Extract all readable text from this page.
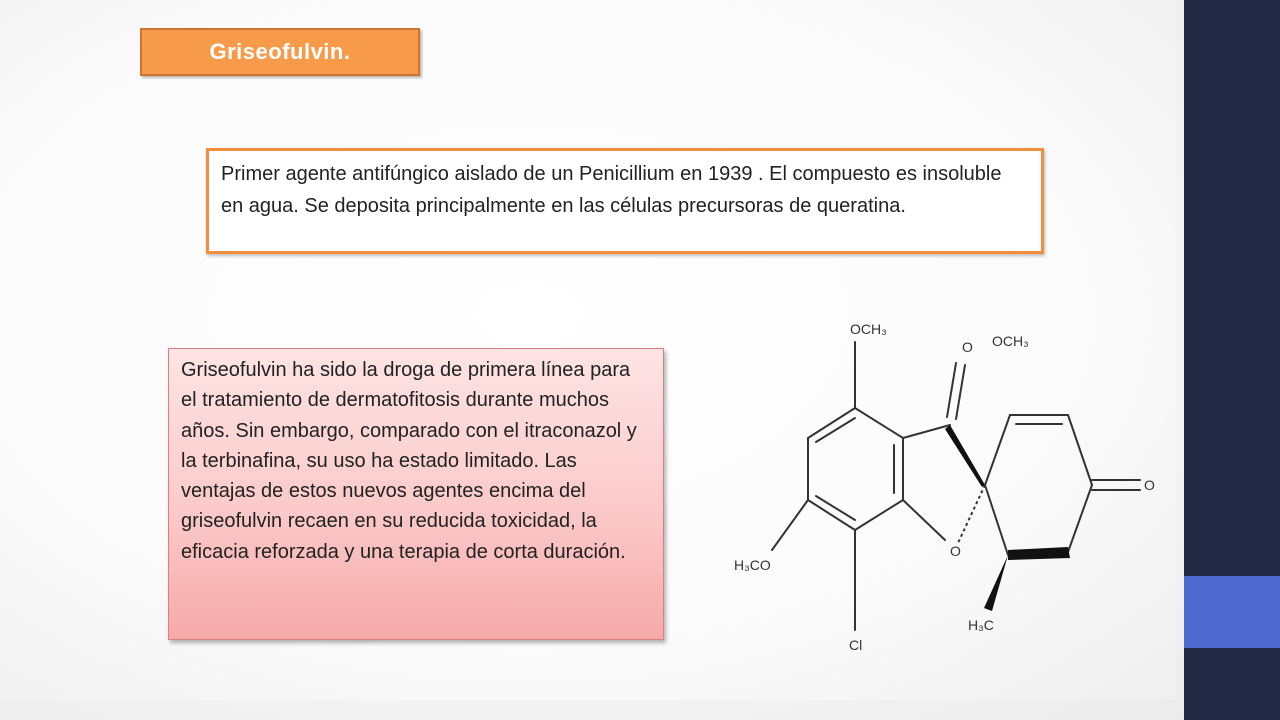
Griseofulvin.

Primer agente antifúngico aislado de un Penicillium en 1939 . El compuesto es insoluble en agua. Se deposita principalmente en las células precursoras de queratina.

Griseofulvin ha sido la droga de primera línea para el tratamiento de dermatofitosis durante muchos años. Sin embargo, comparado con el itraconazol y la terbinafina, su uso ha estado limitado. Las ventajas de estos nuevos agentes encima del griseofulvin recaen en su reducida toxicidad, la eficacia reforzada y una terapia de corta duración.

OCH₃
OCH₃
O
O
O
H₃CO
H₃C
Cl
